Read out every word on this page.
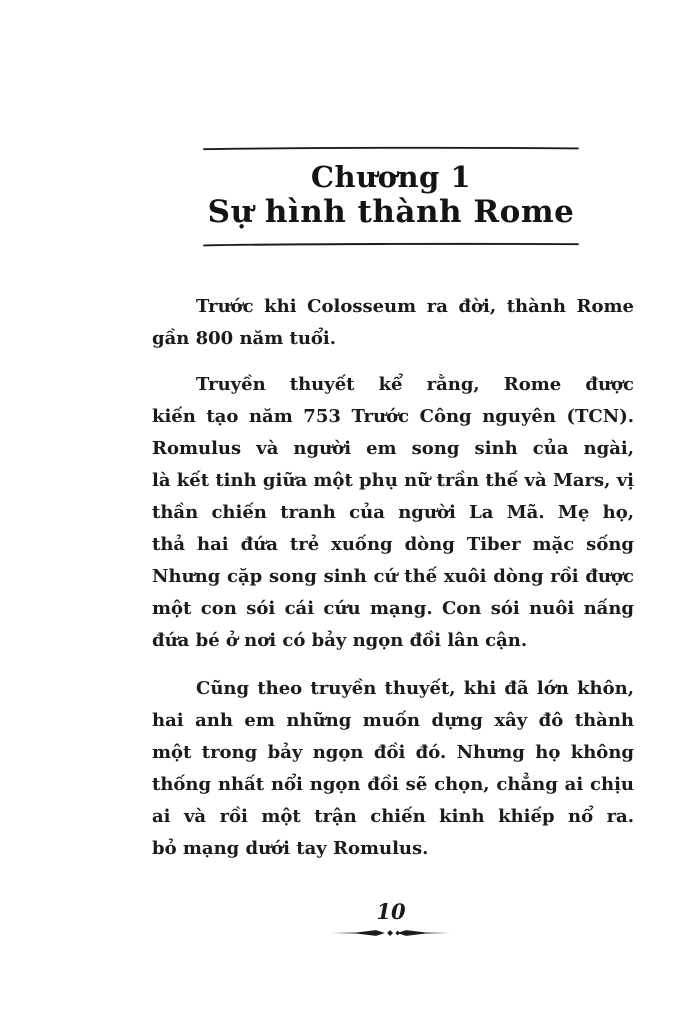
Chương 1
Sự hình thành Rome
Trước khi Colosseum ra đời, thành Rome
gần 800 năm tuổi.
Truyền thuyết kể rằng, Rome được
kiến tạo năm 753 Trước Công nguyên (TCN).
Romulus và người em song sinh của ngài,
là kết tinh giữa một phụ nữ trần thế và Mars, vị
thần chiến tranh của người La Mã. Mẹ họ,
thả hai đứa trẻ xuống dòng Tiber mặc sống
Nhưng cặp song sinh cứ thế xuôi dòng rồi được
một con sói cái cứu mạng. Con sói nuôi nấng
đứa bé ở nơi có bảy ngọn đồi lân cận.
Cũng theo truyền thuyết, khi đã lớn khôn,
hai anh em những muốn dựng xây đô thành
một trong bảy ngọn đồi đó. Nhưng họ không
thống nhất nổi ngọn đồi sẽ chọn, chẳng ai chịu
ai và rồi một trận chiến kinh khiếp nổ ra.
bỏ mạng dưới tay Romulus.
10
